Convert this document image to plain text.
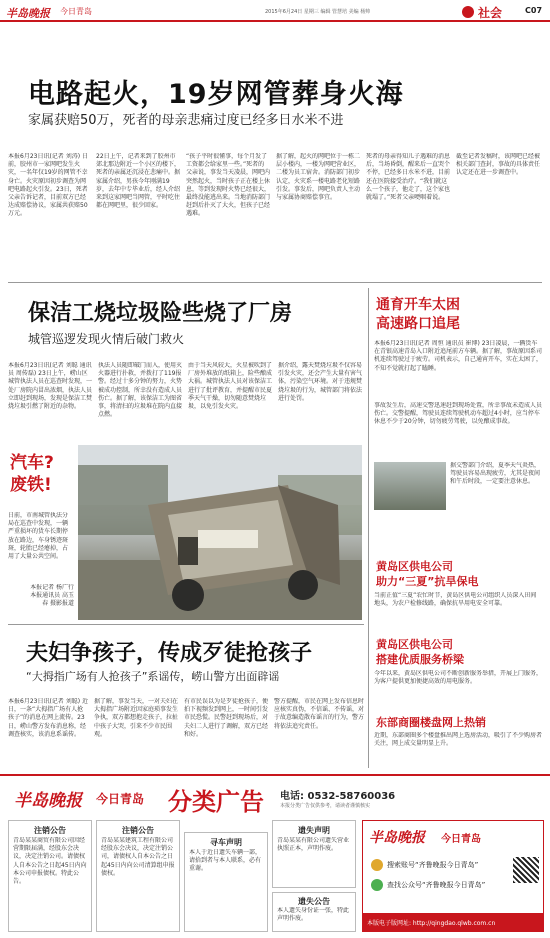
半岛晚报 今日青岛	2015年6月24日 星期三 编辑 管慧培 美编 杨帅	社会	C07
电路起火，19岁网管葬身火海
家属获赔50万，死者的母亲悲痛过度已经多日水米不进
本报6月23日讯(记者 刘涛) 日前，胶州市一家网吧发生火灾，一名年仅19岁的网管不幸身亡。火灾原因初步调查为网吧电路起火引发。23日，死者父亲告诉记者，目前双方已经达成赔偿协议，家属共获赔50万元。
22日上午，记者来到了胶州市郊北那边附近一个小区的楼下，死者的亲属还沉浸在悲痛中。据家属介绍，男孩今年刚满19岁，去年中专毕业后，经人介绍来到这家网吧当网管，平时吃住都在网吧里，很少回家。
“孩子平时很懂事，每个月发了工资都会给家里一些。”死者的父亲说，事发当天凌晨，网吧内突然起火，当时孩子正在楼上休息，等到发现时火势已经很大，最终没能逃出来。当地消防部门赶到后扑灭了大火，但孩子已经遇难。
据了解，起火的网吧位于一栋二层小楼内，一楼为网吧营业区，二楼为员工宿舍。消防部门初步认定，火灾系一楼电路老化短路引发。事发后，网吧负责人主动与家属协商赔偿事宜。
死者的母亲得知儿子遇难的消息后，当场昏倒，醒来后一直哭个不停，已经多日水米不进，目前还在医院接受治疗。“我们就这么一个孩子，他走了，这个家也就塌了。”死者父亲哽咽着说。
截至记者发稿时，该网吧已经被相关部门查封，事故的具体责任认定还在进一步调查中。
保洁工烧垃圾险些烧了厂房
城管巡逻发现火情后破门救火
本报6月23日讯(记者 刘聪 通讯员 周传磊) 23日上午，崂山区城管执法人员在巡查时发现，一处厂房院内冒出浓烟，执法人员立即赶到现场，发现是保洁工焚烧垃圾引燃了附近的杂物。
执法人员随即破门而入，使用灭火器进行扑救，并拨打了119报警。经过十多分钟的努力，火势被成功控制，所幸没有造成人员伤亡。据了解，该保洁工为图省事，将清扫的垃圾堆在院内直接点燃。
由于当天风较大，火星被吹到了厂房外堆放的纸箱上，险些酿成大祸。城管执法人员对该保洁工进行了批评教育，并提醒市民夏季天气干燥，切勿随意焚烧垃圾，以免引发火灾。
据介绍，露天焚烧垃圾不仅容易引发火灾，还会产生大量有害气体，污染空气环境。对于违规焚烧垃圾的行为，城管部门将依法进行处罚。
汽车?
废铁!
日前，市南城管执法分局在巡查中发现，一辆严重损坏的货车长期停放在路边，车身锈迹斑斑，轮胎已经瘪掉，占用了大量公共空间。
本报记者 杨广行 本报通讯员 高玉春 摄影报道
夫妇争孩子，传成歹徒抢孩子
“大拇指广场有人抢孩子”系谣传，崂山警方出面辟谣
本报6月23日讯(记者 刘聪) 近日，一条“大拇指广场有人抢孩子”的消息在网上流传。23日，崂山警方发布消息称，经调查核实，该消息系谣传。
据了解，事发当天，一对夫妇在大拇指广场附近因家庭琐事发生争执，双方都想抱走孩子，拉扯中孩子大哭，引来不少市民围观。
有市民误以为是歹徒抢孩子，便拍下视频发到网上，一时间引发市民恐慌。民警赶到现场后，对夫妇二人进行了调解，双方已经和好。
警方提醒，市民在网上发布信息时应核实真伪，不信谣、不传谣，对于故意编造散布谣言的行为，警方将依法追究责任。
通育开车太困
高速路口追尾
本报6月23日讯(记者 周恒 通讯员 崔博) 23日凌晨，一辆货车在青银高速青岛入口附近追尾前方车辆。据了解，事故原因系司机连续驾驶过于疲劳。司机表示，自己通宵开车，实在太困了，不知不觉就打起了瞌睡。
事故发生后，高速交警迅速赶到现场处置，所幸事故未造成人员伤亡。交警提醒，驾驶员连续驾驶机动车超过4小时，应当停车休息不少于20分钟，切勿疲劳驾驶，以免酿成事故。
据交警部门介绍，夏季天气炎热，驾驶员容易出现疲劳，尤其是夜间和午后时段，一定要注意休息。
黄岛区供电公司
助力“三夏”抗旱保电
当前正值“三夏”农忙时节，黄岛区供电公司组织人员深入田间地头，为农户检修线路，确保抗旱用电安全可靠。
黄岛区供电公司
搭建优质服务桥梁
今年以来，黄岛区供电公司不断创新服务举措，开展上门服务，为客户提供更加便捷高效的用电服务。
东部商圈楼盘网上热销
近期，东部商圈多个楼盘推出网上选房活动，吸引了不少购房者关注，网上成交量明显上升。
半岛晚报 今日青岛 分类广告 电话: 0532-58760036
本报分类广告仅供参考，请读者谨慎核实
注销公告
青岛某某商贸有限公司因经营期限届满，经股东会决议，决定注销公司。请债权人自本公告之日起45日内向本公司申报债权。特此公告。
注销公告
青岛某某建筑工程有限公司经股东会决议，决定注销公司，请债权人自本公告之日起45日内向公司清算组申报债权。
寻车声明
本人于近日遗失车辆一部，请拾到者与本人联系，必有重谢。
遗失声明
青岛某某有限公司遗失营业执照正本，声明作废。
遗失公告
本人遗失身份证一张，特此声明作废。
半岛晚报 今日青岛
搜索账号“齐鲁晚报今日青岛”
查找公众号“齐鲁晚报今日青岛”
本版电子版网址: http://qingdao.qlwb.com.cn
